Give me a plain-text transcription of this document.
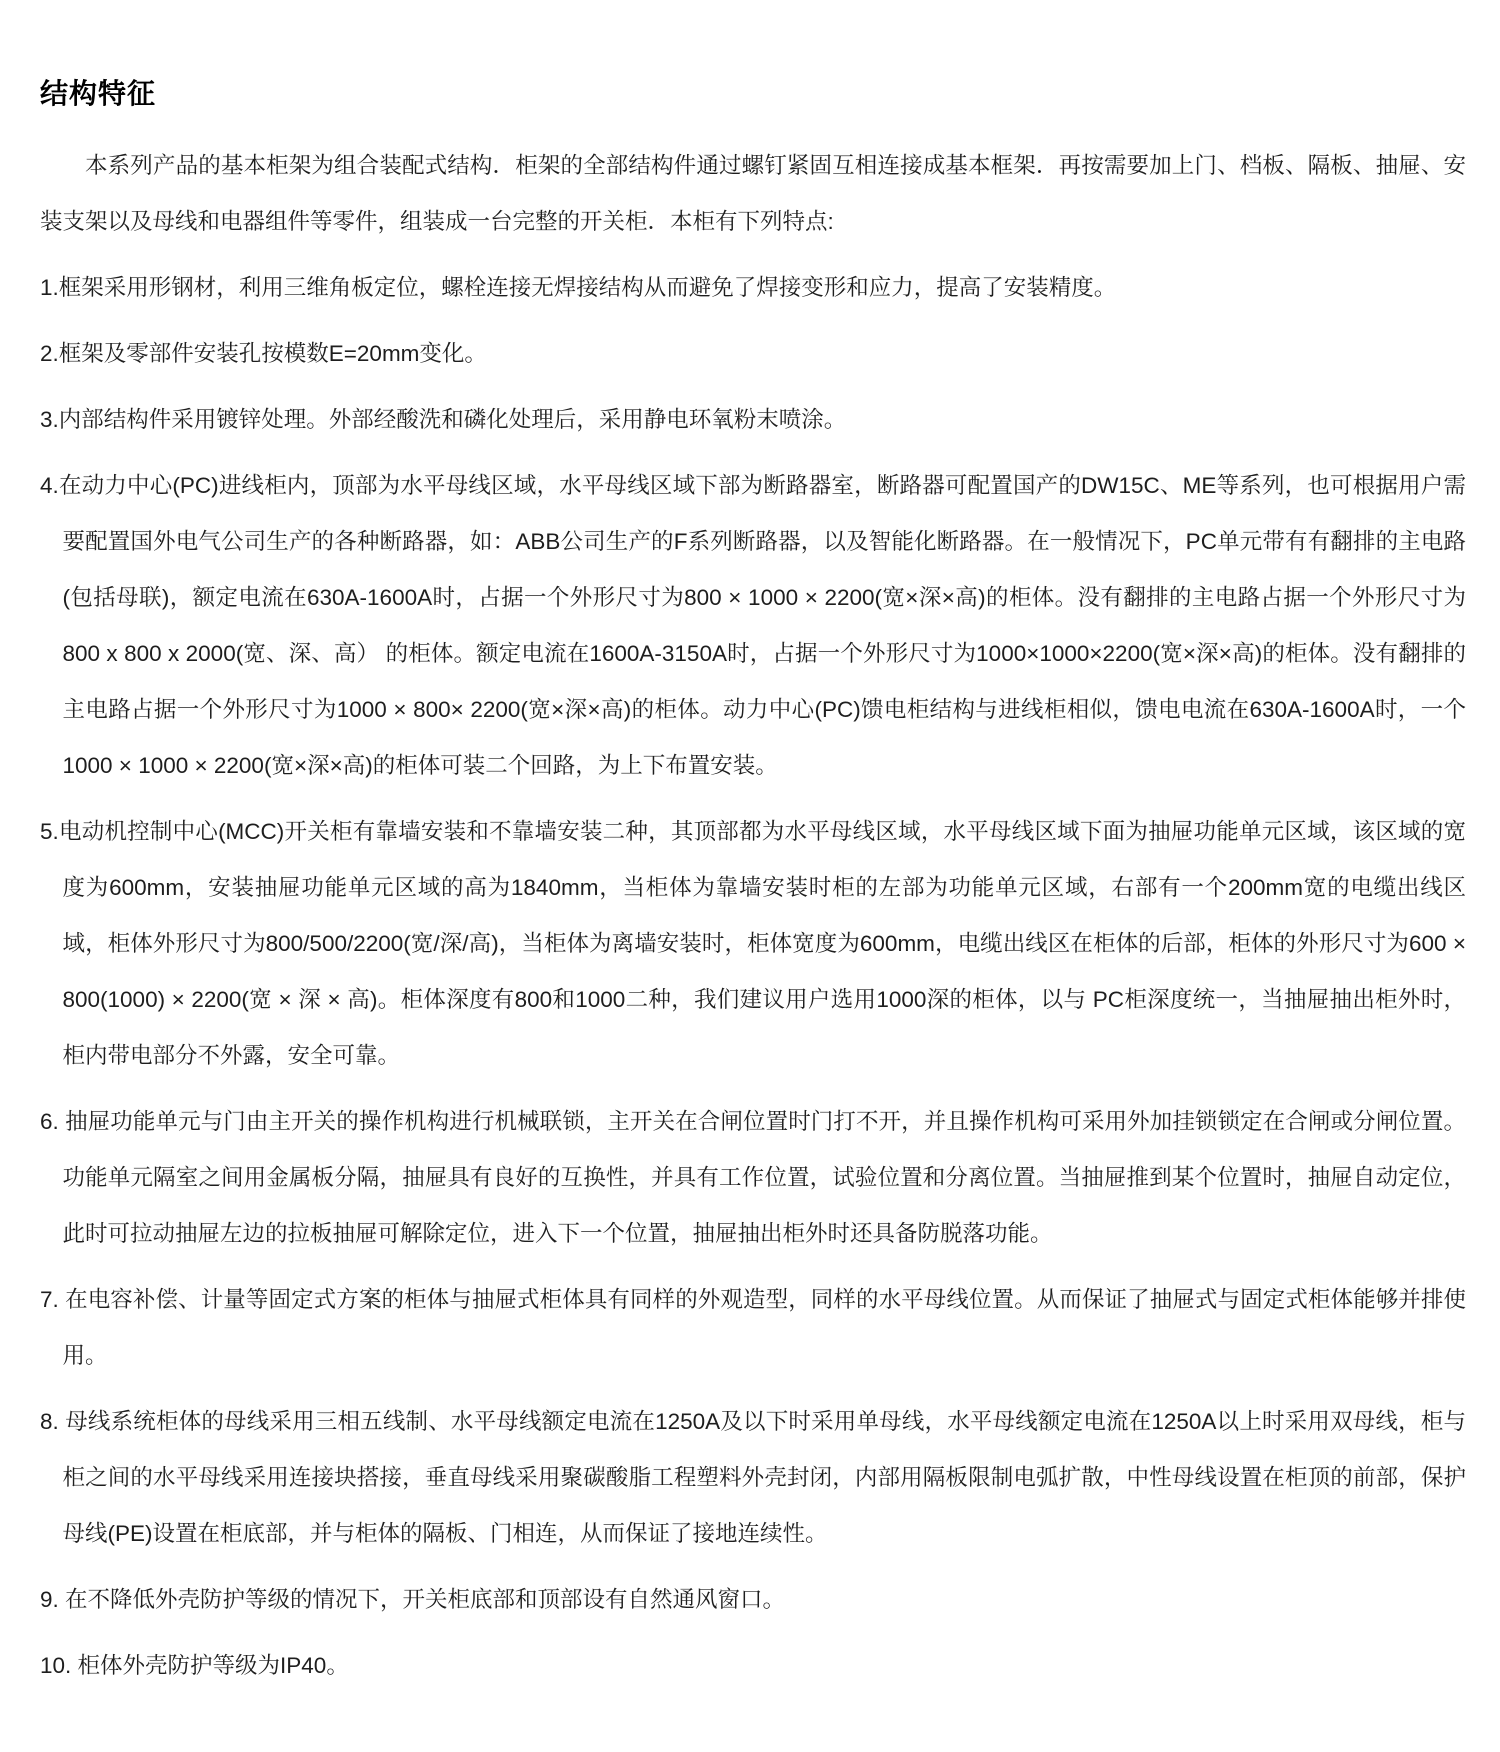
结构特征

本系列产品的基本柜架为组合装配式结构．柜架的全部结构件通过螺钉紧固互相连接成基本框架．再按需要加上门、档板、隔板、抽屉、安装支架以及母线和电器组件等零件，组装成一台完整的开关柜．本柜有下列特点:

1.框架采用形钢材，利用三维角板定位，螺栓连接无焊接结构从而避免了焊接变形和应力，提高了安装精度。

2.框架及零部件安装孔按模数E=20mm变化。

3.内部结构件采用镀锌处理。外部经酸洗和磷化处理后，采用静电环氧粉末喷涂。

4.在动力中心(PC)进线柜内，顶部为水平母线区域，水平母线区域下部为断路器室，断路器可配置国产的DW15C、ME等系列，也可根据用户需要配置国外电气公司生产的各种断路器，如：ABB公司生产的F系列断路器，以及智能化断路器。在一般情况下，PC单元带有有翻排的主电路(包括母联)，额定电流在630A-1600A时，占据一个外形尺寸为800 × 1000 × 2200(宽×深×高)的柜体。没有翻排的主电路占据一个外形尺寸为800 x 800 x 2000(宽、深、高） 的柜体。额定电流在1600A-3150A时，占据一个外形尺寸为1000×1000×2200(宽×深×高)的柜体。没有翻排的主电路占据一个外形尺寸为1000 × 800× 2200(宽×深×高)的柜体。动力中心(PC)馈电柜结构与进线柜相似，馈电电流在630A-1600A时，一个1000 × 1000 × 2200(宽×深×高)的柜体可装二个回路，为上下布置安装。

5.电动机控制中心(MCC)开关柜有靠墙安装和不靠墙安装二种，其顶部都为水平母线区域，水平母线区域下面为抽屉功能单元区域，该区域的宽度为600mm，安装抽屉功能单元区域的高为1840mm，当柜体为靠墙安装时柜的左部为功能单元区域，右部有一个200mm宽的电缆出线区域，柜体外形尺寸为800/500/2200(宽/深/高)，当柜体为离墙安装时，柜体宽度为600mm，电缆出线区在柜体的后部，柜体的外形尺寸为600 × 800(1000) × 2200(宽 × 深 × 高)。柜体深度有800和1000二种，我们建议用户选用1000深的柜体，以与 PC柜深度统一，当抽屉抽出柜外时，柜内带电部分不外露，安全可靠。

6. 抽屉功能单元与门由主开关的操作机构进行机械联锁，主开关在合闸位置时门打不开，并且操作机构可采用外加挂锁锁定在合闸或分闸位置。功能单元隔室之间用金属板分隔，抽屉具有良好的互换性，并具有工作位置，试验位置和分离位置。当抽屉推到某个位置时，抽屉自动定位，此时可拉动抽屉左边的拉板抽屉可解除定位，进入下一个位置，抽屉抽出柜外时还具备防脱落功能。

7. 在电容补偿、计量等固定式方案的柜体与抽屉式柜体具有同样的外观造型，同样的水平母线位置。从而保证了抽屉式与固定式柜体能够并排使用。

8. 母线系统柜体的母线采用三相五线制、水平母线额定电流在1250A及以下时采用单母线，水平母线额定电流在1250A以上时采用双母线，柜与柜之间的水平母线采用连接块搭接，垂直母线采用聚碳酸脂工程塑料外壳封闭，内部用隔板限制电弧扩散，中性母线设置在柜顶的前部，保护母线(PE)设置在柜底部，并与柜体的隔板、门相连，从而保证了接地连续性。

9. 在不降低外壳防护等级的情况下，开关柜底部和顶部设有自然通风窗口。

10. 柜体外壳防护等级为IP40。
